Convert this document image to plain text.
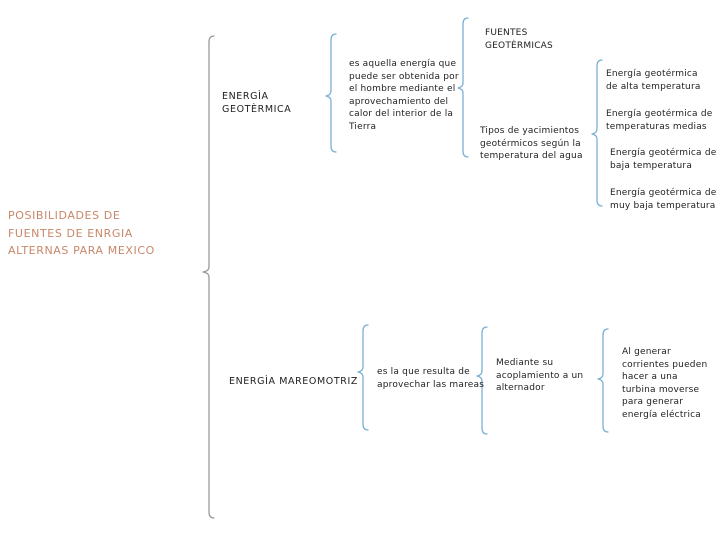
POSIBILIDADES DE
FUENTES DE ENRGIA
ALTERNAS PARA MEXICO
ENERGÌA
GEOTÈRMICA
es aquella energía que
puede ser obtenida por
el hombre mediante el
aprovechamiento del
calor del interior de la
Tierra
FUENTES
GEOTÈRMICAS
Tipos de yacimientos
geotérmicos según la
temperatura del agua
Energía geotérmica
de alta temperatura
Energía geotérmica de
temperaturas medias
Energía geotérmica de
baja temperatura
Energía geotérmica de
muy baja temperatura
ENERGÌA MAREOMOTRIZ
es la que resulta de
aprovechar las mareas
Mediante su
acoplamiento a un
alternador
Al generar
corrientes pueden
hacer a una
turbina moverse
para generar
energía eléctrica
